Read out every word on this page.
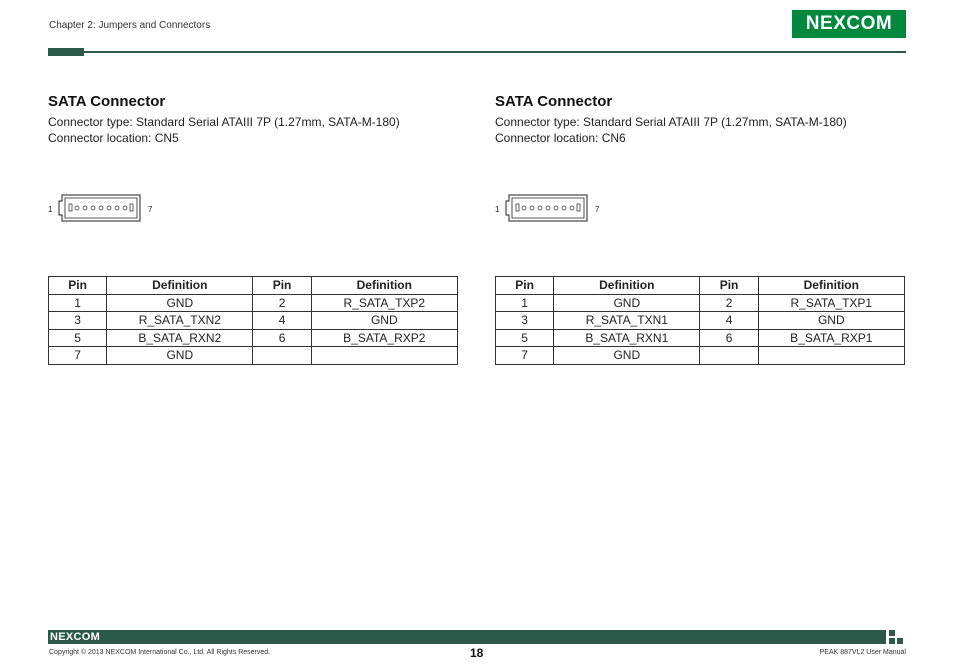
Chapter 2: Jumpers and Connectors	NEXCOM
SATA Connector

Connector type: Standard Serial ATAIII 7P (1.27mm, SATA-M-180)

Connector location: CN5

1	7
Pin	Definition	Pin	Definition
1	GND	2	R_SATA_TXP2
3	R_SATA_TXN2	4	GND
5	B_SATA_RXN2	6	B_SATA_RXP2
7	GND		
SATA Connector

Connector type: Standard Serial ATAIII 7P (1.27mm, SATA-M-180)

Connector location: CN6

1	7
Pin	Definition	Pin	Definition
1	GND	2	R_SATA_TXP1
3	R_SATA_TXN1	4	GND
5	B_SATA_RXN1	6	B_SATA_RXP1
7	GND		
NEXCOM
Copyright © 2013 NEXCOM International Co., Ltd. All Rights Reserved.	18	PEAK 887VL2 User Manual
